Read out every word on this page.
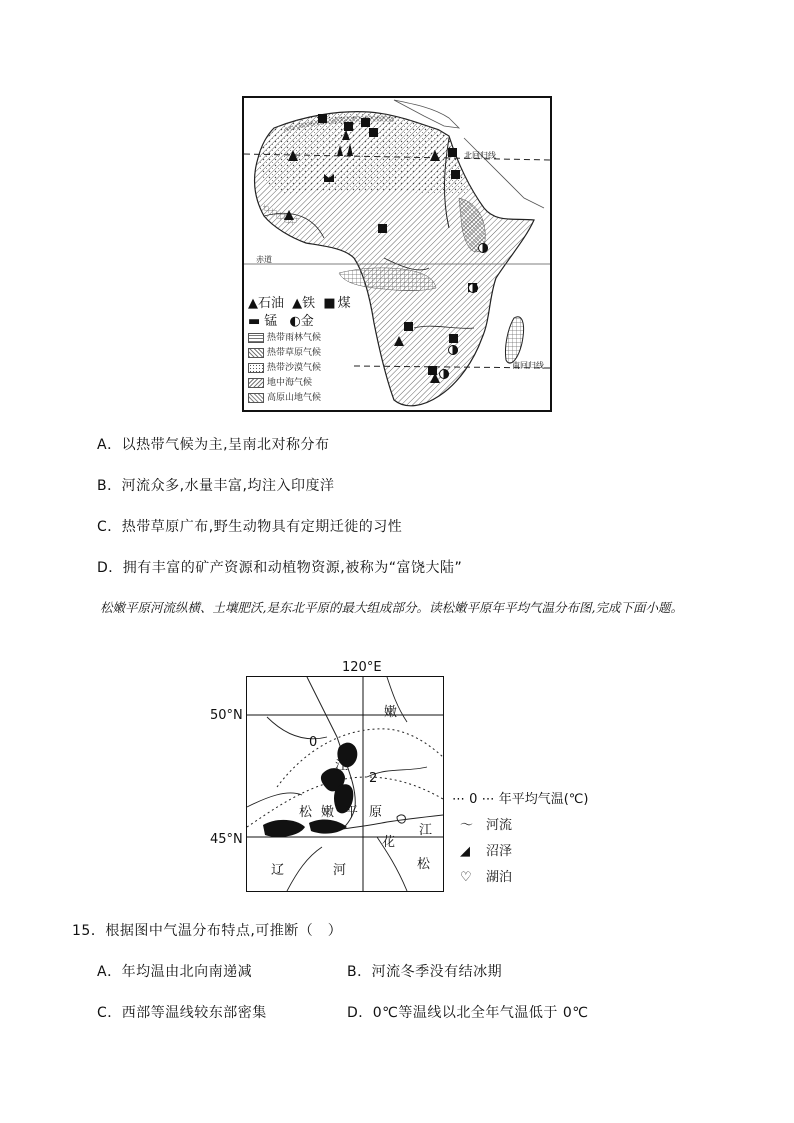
北回归线
赤道
南回归线
▲石油 ▲铁 ■ 煤
▬ 锰 ◐金
热带雨林气候
热带草原气候
热带沙漠气候
地中海气候
高原山地气候
A．以热带气候为主,呈南北对称分布
B．河流众多,水量丰富,均注入印度洋
C．热带草原广布,野生动物具有定期迁徙的习性
D．拥有丰富的矿产资源和动植物资源,被称为“富饶大陆”
松嫩平原河流纵横、土壤肥沃,是东北平原的最大组成部分。读松嫩平原年平均气温分布图,完成下面小题。
120°E
50°N
45°N
嫩
0
江
2
松 嫩 平 原
江
花
松
辽	河
⋯ 0 ⋯ 年平均气温(℃)
〜 河流
◢ 沼泽
♡ 湖泊
15．根据图中气温分布特点,可推断（　）
A．年均温由北向南递减	B．河流冬季没有结冰期
C．西部等温线较东部密集	D．0℃等温线以北全年气温低于 0℃
